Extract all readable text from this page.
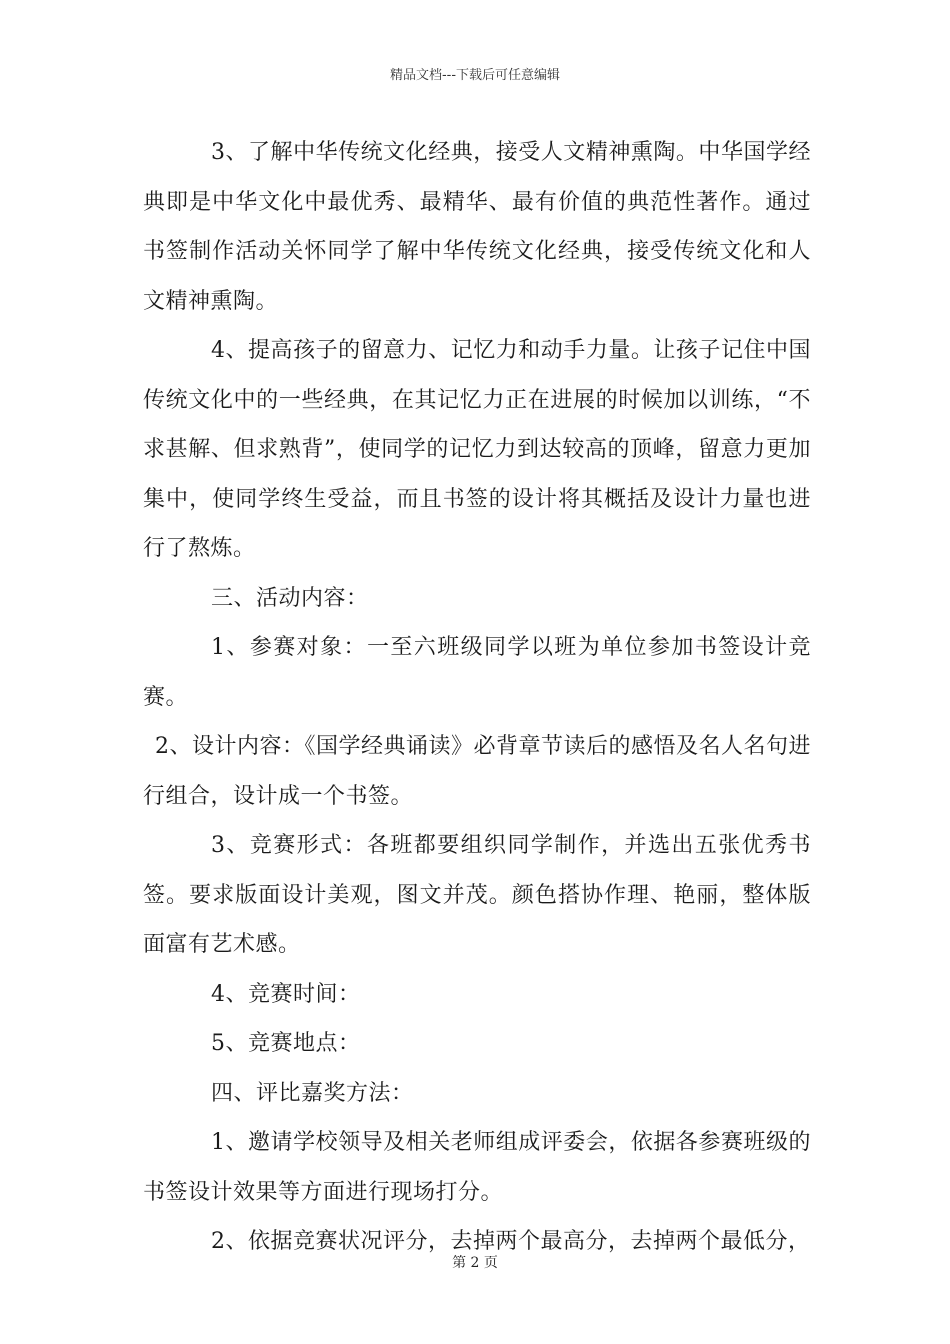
精品文档---下载后可任意编辑

3、了解中华传统文化经典，接受人文精神熏陶。中华国学经典即是中华文化中最优秀、最精华、最有价值的典范性著作。通过书签制作活动关怀同学了解中华传统文化经典，接受传统文化和人文精神熏陶。

4、提高孩子的留意力、记忆力和动手力量。让孩子记住中国传统文化中的一些经典，在其记忆力正在进展的时候加以训练，“不求甚解、但求熟背”，使同学的记忆力到达较高的顶峰，留意力更加集中，使同学终生受益，而且书签的设计将其概括及设计力量也进行了熬炼。

三、活动内容：

1、参赛对象：一至六班级同学以班为单位参加书签设计竞赛。

2、设计内容：《国学经典诵读》必背章节读后的感悟及名人名句进行组合，设计成一个书签。

3、竞赛形式：各班都要组织同学制作，并选出五张优秀书签。要求版面设计美观，图文并茂。颜色搭协作理、艳丽，整体版面富有艺术感。

4、竞赛时间：

5、竞赛地点：

四、评比嘉奖方法：

1、邀请学校领导及相关老师组成评委会，依据各参赛班级的书签设计效果等方面进行现场打分。

2、依据竞赛状况评分，去掉两个最高分，去掉两个最低分，

第 2 页
